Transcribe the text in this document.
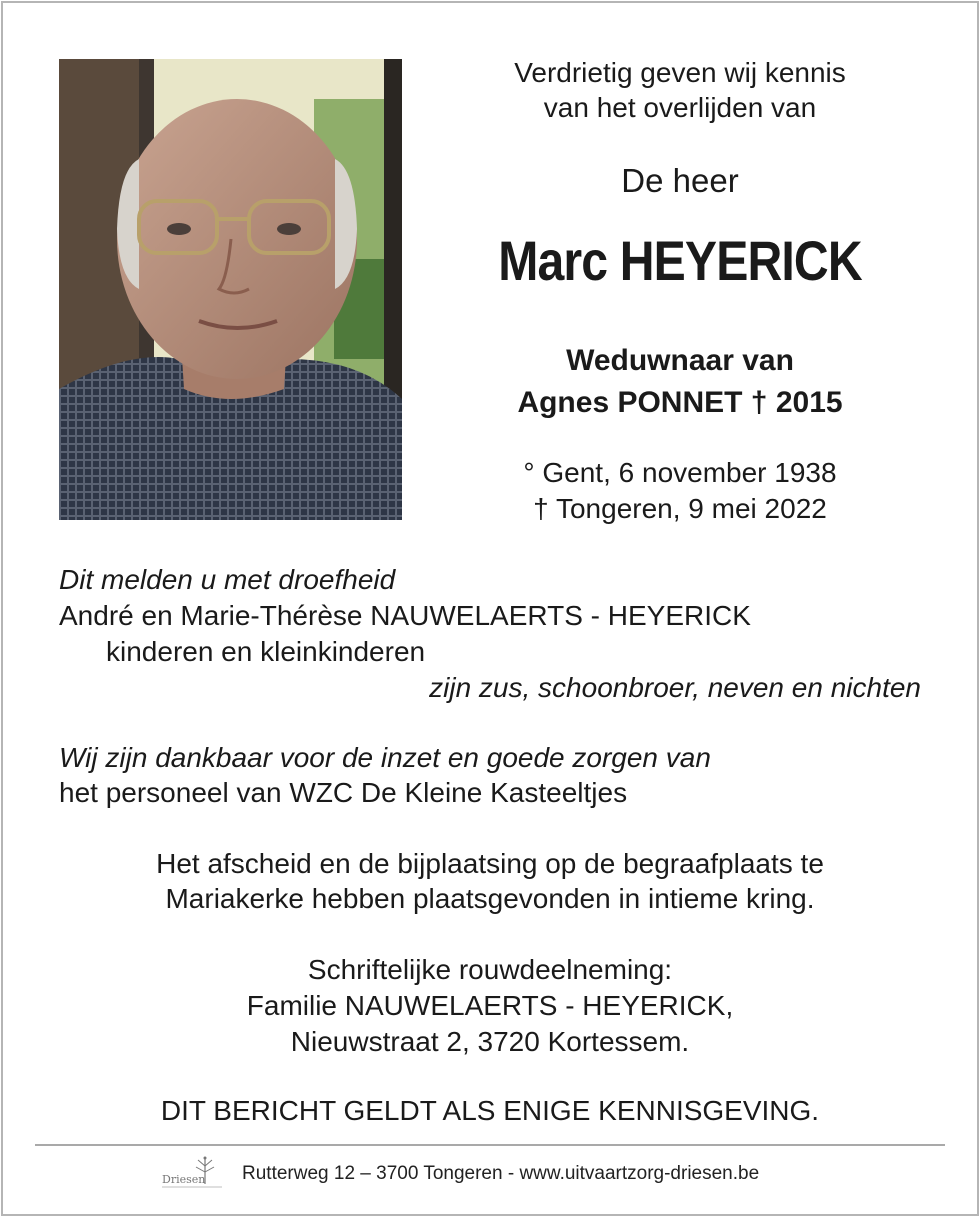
Verdrietig geven wij kennis
van het overlijden van
De heer
Marc HEYERICK
Weduwnaar van
Agnes PONNET † 2015
° Gent, 6 november 1938
† Tongeren, 9 mei 2022
Dit melden u met droefheid
André en Marie-Thérèse NAUWELAERTS - HEYERICK
kinderen en kleinkinderen
zijn zus, schoonbroer, neven en nichten
Wij zijn dankbaar voor de inzet en goede zorgen van
het personeel van WZC De Kleine Kasteeltjes
Het afscheid en de bijplaatsing op de begraafplaats te
Mariakerke hebben plaatsgevonden in intieme kring.
Schriftelijke rouwdeelneming:
Familie NAUWELAERTS - HEYERICK,
Nieuwstraat 2, 3720 Kortessem.
DIT BERICHT GELDT ALS ENIGE KENNISGEVING.
Driesen Rutterweg 12 – 3700 Tongeren - www.uitvaartzorg-driesen.be
